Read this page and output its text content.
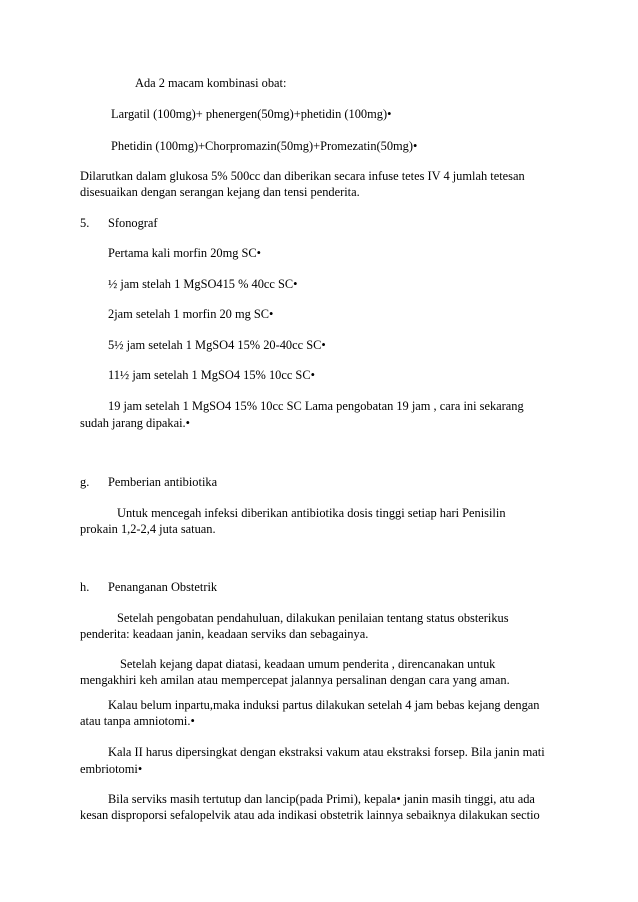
Ada 2 macam kombinasi obat:
Largatil (100mg)+ phenergen(50mg)+phetidin (100mg)•
Phetidin (100mg)+Chorpromazin(50mg)+Promezatin(50mg)•
Dilarutkan dalam glukosa 5% 500cc dan diberikan secara infuse tetes IV 4 jumlah tetesan
disesuaikan dengan serangan kejang dan tensi penderita.
5. Sfonograf
Pertama kali morfin 20mg SC•
½ jam stelah 1 MgSO415 % 40cc SC•
2jam setelah 1 morfin 20 mg SC•
5½ jam setelah 1 MgSO4 15% 20-40cc SC•
11½ jam setelah 1 MgSO4 15% 10cc SC•
19 jam setelah 1 MgSO4 15% 10cc SC Lama pengobatan 19 jam , cara ini sekarang
sudah jarang dipakai.•
g. Pemberian antibiotika
Untuk mencegah infeksi diberikan antibiotika dosis tinggi setiap hari Penisilin
prokain 1,2-2,4 juta satuan.
h. Penanganan Obstetrik
Setelah pengobatan pendahuluan, dilakukan penilaian tentang status obsterikus
penderita: keadaan janin, keadaan serviks dan sebagainya.
Setelah kejang dapat diatasi, keadaan umum penderita , direncanakan untuk
mengakhiri keh amilan atau mempercepat jalannya persalinan dengan cara yang aman.
Kalau belum inpartu,maka induksi partus dilakukan setelah 4 jam bebas kejang dengan
atau tanpa amniotomi.•
Kala II harus dipersingkat dengan ekstraksi vakum atau ekstraksi forsep. Bila janin mati
embriotomi•
Bila serviks masih tertutup dan lancip(pada Primi), kepala• janin masih tinggi, atu ada
kesan disproporsi sefalopelvik atau ada indikasi obstetrik lainnya sebaiknya dilakukan sectio
